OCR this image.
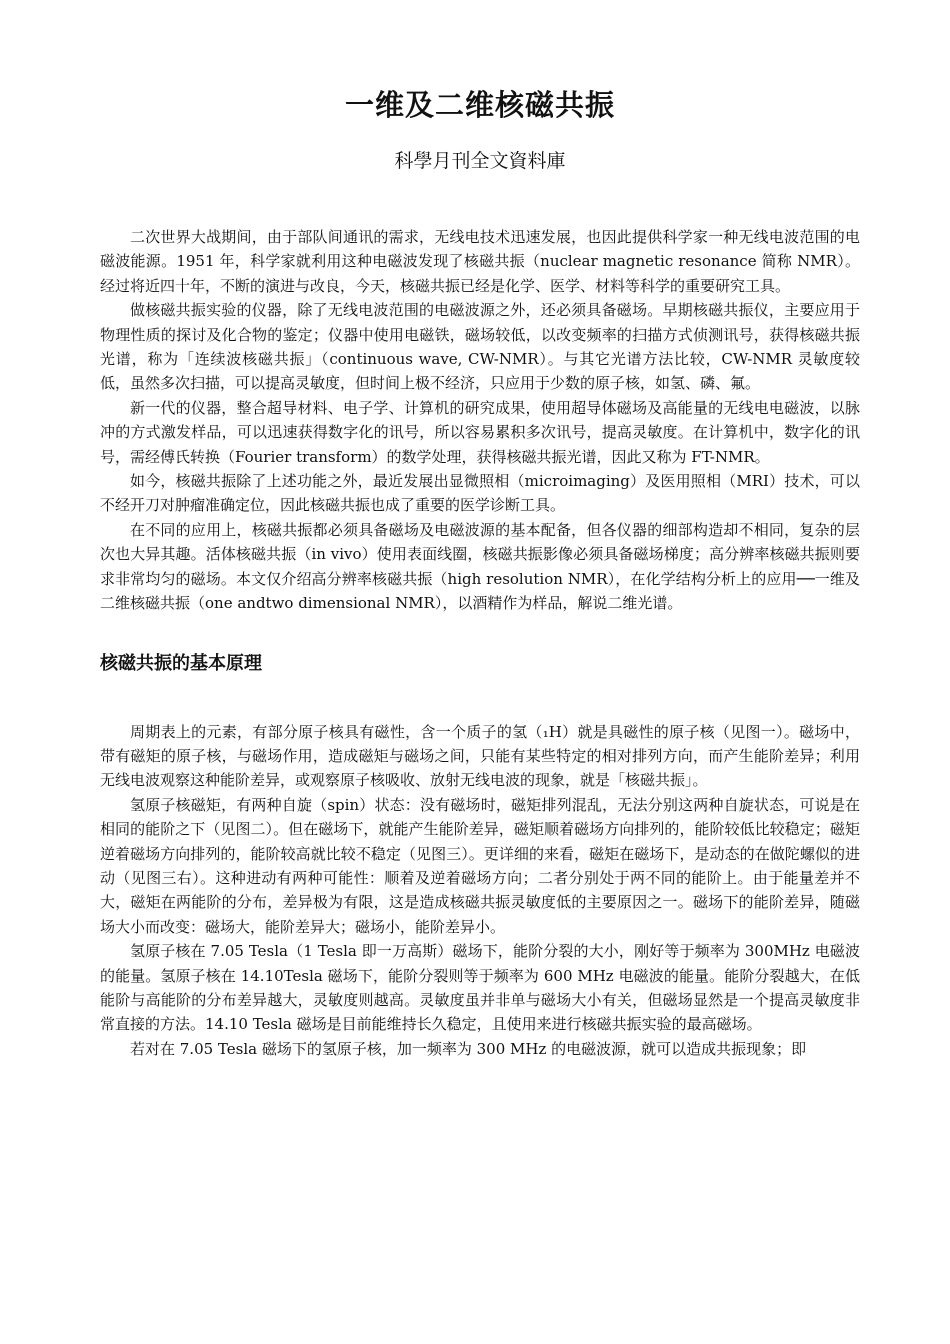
一维及二维核磁共振
科學月刊全文資料庫

二次世界大战期间，由于部队间通讯的需求，无线电技术迅速发展，也因此提供科学家一种无线电波范围的电磁波能源。1951 年，科学家就利用这种电磁波发现了核磁共振（nuclear magnetic resonance 简称 NMR）。经过将近四十年，不断的演进与改良，今天，核磁共振已经是化学、医学、材料等科学的重要研究工具。

做核磁共振实验的仪器，除了无线电波范围的电磁波源之外，还必须具备磁场。早期核磁共振仪，主要应用于物理性质的探讨及化合物的鉴定；仪器中使用电磁铁，磁场较低，以改变频率的扫描方式侦测讯号，获得核磁共振光谱，称为「连续波核磁共振」（continuous wave, CW-NMR）。与其它光谱方法比较，CW-NMR 灵敏度较低，虽然多次扫描，可以提高灵敏度，但时间上极不经济，只应用于少数的原子核，如氢、磷、氟。

新一代的仪器，整合超导材料、电子学、计算机的研究成果，使用超导体磁场及高能量的无线电电磁波，以脉冲的方式激发样品，可以迅速获得数字化的讯号，所以容易累积多次讯号，提高灵敏度。在计算机中，数字化的讯号，需经傅氏转换（Fourier transform）的数学处理，获得核磁共振光谱，因此又称为 FT-NMR。

如今，核磁共振除了上述功能之外，最近发展出显微照相（microimaging）及医用照相（MRI）技术，可以不经开刀对肿瘤准确定位，因此核磁共振也成了重要的医学诊断工具。

在不同的应用上，核磁共振都必须具备磁场及电磁波源的基本配备，但各仪器的细部构造却不相同，复杂的层次也大异其趣。活体核磁共振（in vivo）使用表面线圈，核磁共振影像必须具备磁场梯度；高分辨率核磁共振则要求非常均匀的磁场。本文仅介绍高分辨率核磁共振（high resolution NMR），在化学结构分析上的应用──一维及二维核磁共振（one andtwo dimensional NMR），以酒精作为样品，解说二维光谱。

核磁共振的基本原理

周期表上的元素，有部分原子核具有磁性，含一个质子的氢（₁H）就是具磁性的原子核（见图一）。磁场中，带有磁矩的原子核，与磁场作用，造成磁矩与磁场之间，只能有某些特定的相对排列方向，而产生能阶差异；利用无线电波观察这种能阶差异，或观察原子核吸收、放射无线电波的现象，就是「核磁共振」。

氢原子核磁矩，有两种自旋（spin）状态：没有磁场时，磁矩排列混乱，无法分别这两种自旋状态，可说是在相同的能阶之下（见图二）。但在磁场下，就能产生能阶差异，磁矩顺着磁场方向排列的，能阶较低比较稳定；磁矩逆着磁场方向排列的，能阶较高就比较不稳定（见图三）。更详细的来看，磁矩在磁场下，是动态的在做陀螺似的进动（见图三右）。这种进动有两种可能性：顺着及逆着磁场方向；二者分别处于两不同的能阶上。由于能量差并不大，磁矩在两能阶的分布，差异极为有限，这是造成核磁共振灵敏度低的主要原因之一。磁场下的能阶差异，随磁场大小而改变：磁场大，能阶差异大；磁场小，能阶差异小。

氢原子核在 7.05 Tesla（1 Tesla 即一万高斯）磁场下，能阶分裂的大小，刚好等于频率为 300MHz 电磁波的能量。氢原子核在 14.10Tesla 磁场下，能阶分裂则等于频率为 600 MHz 电磁波的能量。能阶分裂越大，在低能阶与高能阶的分布差异越大，灵敏度则越高。灵敏度虽并非单与磁场大小有关，但磁场显然是一个提高灵敏度非常直接的方法。14.10 Tesla 磁场是目前能维持长久稳定，且使用来进行核磁共振实验的最高磁场。

若对在 7.05 Tesla 磁场下的氢原子核，加一频率为 300 MHz 的电磁波源，就可以造成共振现象；即
